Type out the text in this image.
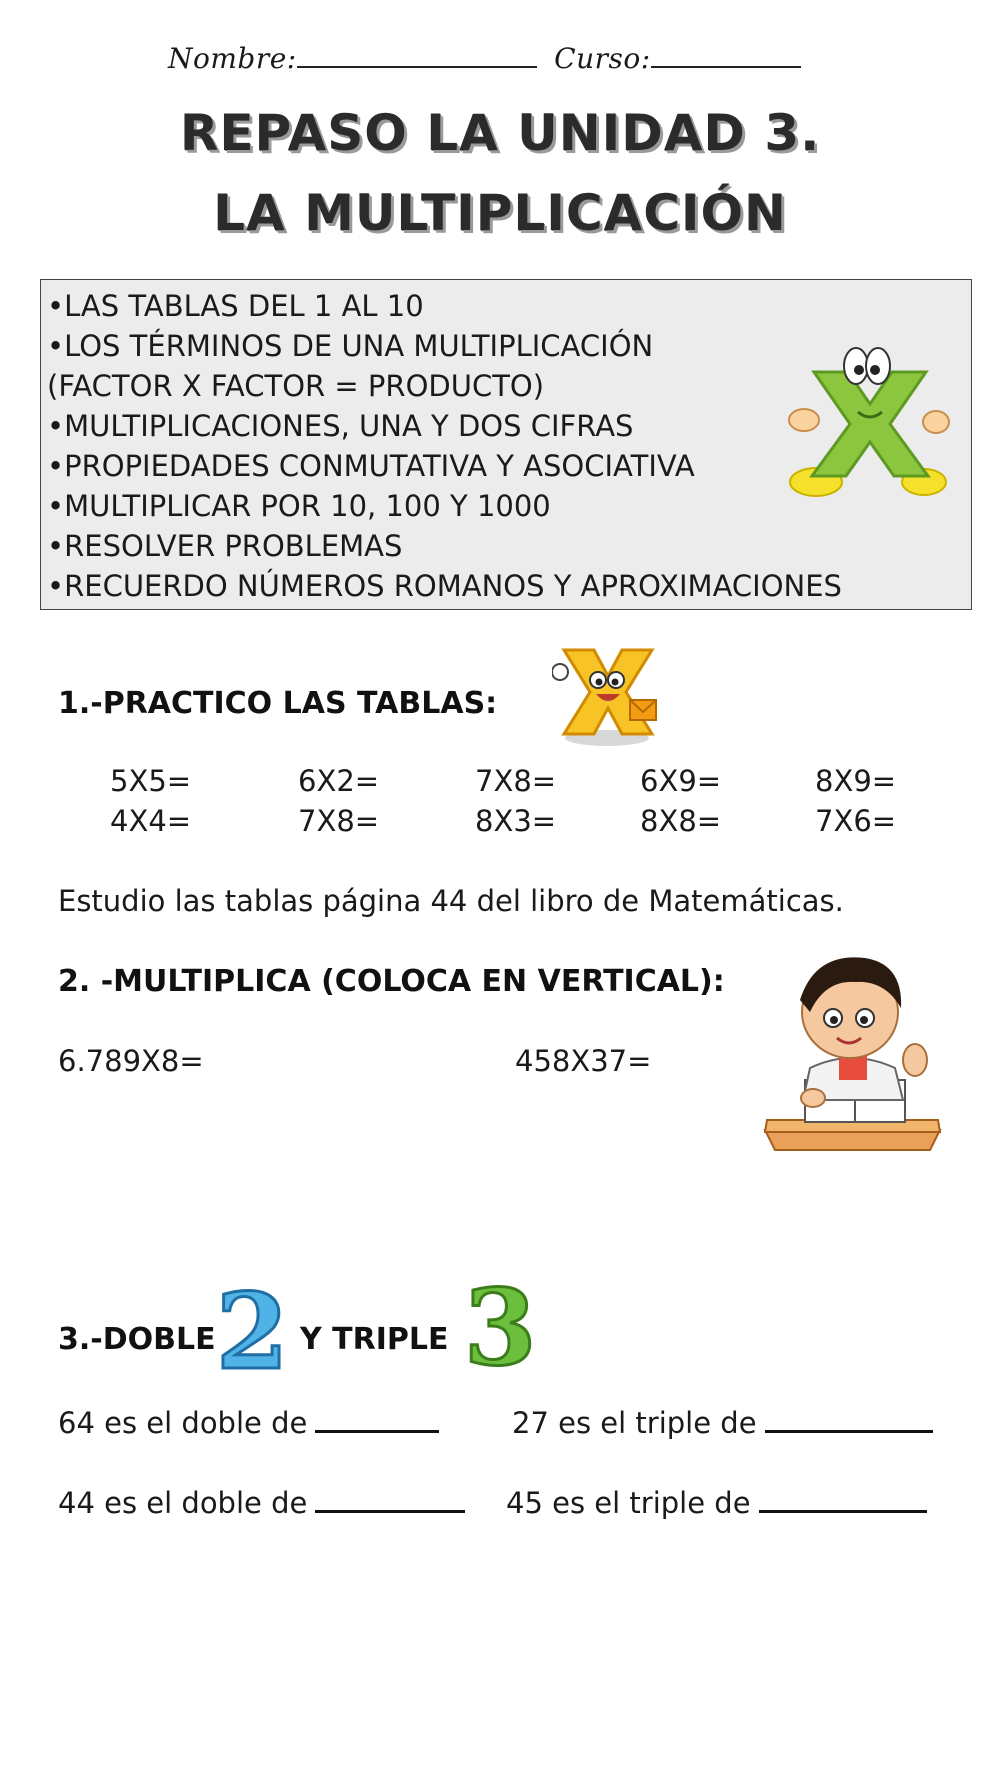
Nombre:	Curso:
REPASO LA UNIDAD 3.
LA MULTIPLICACIÓN
•LAS TABLAS DEL 1 AL 10
•LOS TÉRMINOS DE UNA MULTIPLICACIÓN
(FACTOR X FACTOR = PRODUCTO)
•MULTIPLICACIONES, UNA Y DOS CIFRAS
•PROPIEDADES CONMUTATIVA Y ASOCIATIVA
•MULTIPLICAR POR 10, 100 Y 1000
•RESOLVER PROBLEMAS
•RECUERDO NÚMEROS ROMANOS Y APROXIMACIONES
1.-PRACTICO LAS TABLAS:
5X5=	6X2=	7X8=	6X9=	8X9=
4X4=	7X8=	8X3=	8X8=	7X6=
Estudio las tablas página 44 del libro de Matemáticas.
2. -MULTIPLICA (COLOCA EN VERTICAL):
6.789X8=	458X37=
3.-DOBLE 2 Y TRIPLE 3
64 es el doble de	27 es el triple de
44 es el doble de	45 es el triple de
